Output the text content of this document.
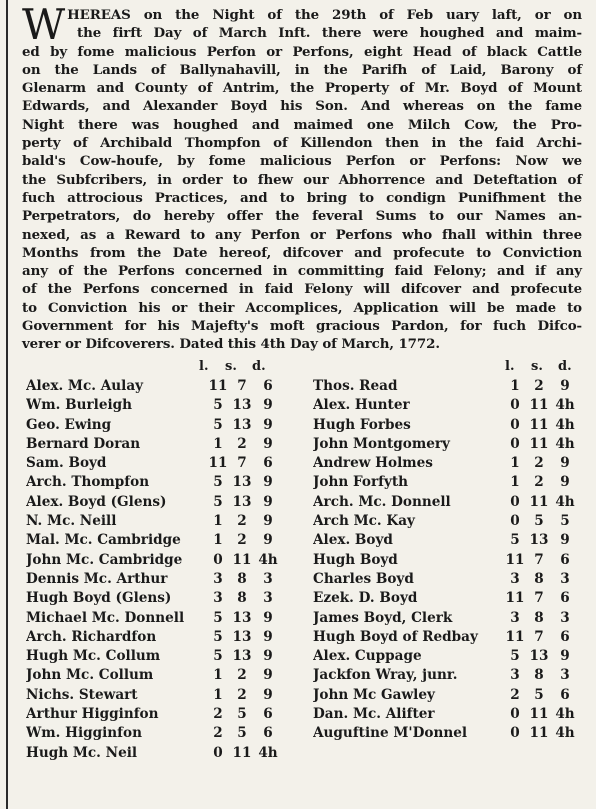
W HEREAS on the Night of the 29th of Feb uary laft, or on
the firft Day of March Inft. there were houghed and maim-
ed by fome malicious Perfon or Perfons, eight Head of black Cattle
on the Lands of Ballynahavill, in the Parifh of Laid, Barony of
Glenarm and County of Antrim, the Property of Mr. Boyd of Mount
Edwards, and Alexander Boyd his Son. And whereas on the fame
Night there was houghed and maimed one Milch Cow, the Pro-
perty of Archibald Thompfon of Killendon then in the faid Archi-
bald's Cow-houfe, by fome malicious Perfon or Perfons: Now we
the Subfcribers, in order to fhew our Abhorrence and Deteftation of
fuch attrocious Practices, and to bring to condign Punifhment the
Perpetrators, do hereby offer the feveral Sums to our Names an-
nexed, as a Reward to any Perfon or Perfons who fhall within three
Months from the Date hereof, difcover and profecute to Conviction
any of the Perfons concerned in committing faid Felony; and if any
of the Perfons concerned in faid Felony will difcover and profecute
to Conviction his or their Accomplices, Application will be made to
Government for his Majefty's moft gracious Pardon, for fuch Difco-
verer or Difcoverers. Dated this 4th Day of March, 1772.
l. s. d.	l. s. d.
Alex. Mc. Aulay	11 7	6
Wm. Burleigh	5 13 9
Geo. Ewing	5 13 9
Bernard Doran	1	2	9
Sam. Boyd	11 7	6
Arch. Thompfon	5 13 9
Alex. Boyd (Glens)	5 13 9
N. Mc. Neill	1	2	9
Mal. Mc. Cambridge	1	2	9
John Mc. Cambridge	0 11 4h
Dennis Mc. Arthur	3	8	3
Hugh Boyd (Glens)	3	8	3
Michael Mc. Donnell	5 13 9
Arch. Richardfon	5 13 9
Hugh Mc. Collum	5 13 9
John Mc. Collum	1	2	9
Nichs. Stewart	1	2	9
Arthur Higginfon	2	5	6
Wm. Higginfon	2	5	6
Hugh Mc. Neil	0 11 4h
Thos. Read	1	2	9
Alex. Hunter	0 11 4h
Hugh Forbes	0 11 4h
John Montgomery	0 11 4h
Andrew Holmes	1	2	9
John Forfyth	1	2	9
Arch. Mc. Donnell	0 11 4h
Arch Mc. Kay	0	5	5
Alex. Boyd	5 13 9
Hugh Boyd	11 7	6
Charles Boyd	3	8	3
Ezek. D. Boyd	11 7	6
James Boyd, Clerk	3	8	3
Hugh Boyd of Redbay	11 7	6
Alex. Cuppage	5 13 9
Jackfon Wray, junr.	3	8	3
John Mc Gawley	2	5	6
Dan. Mc. Alifter	0 11 4h
Auguftine M'Donnel	0 11 4h
